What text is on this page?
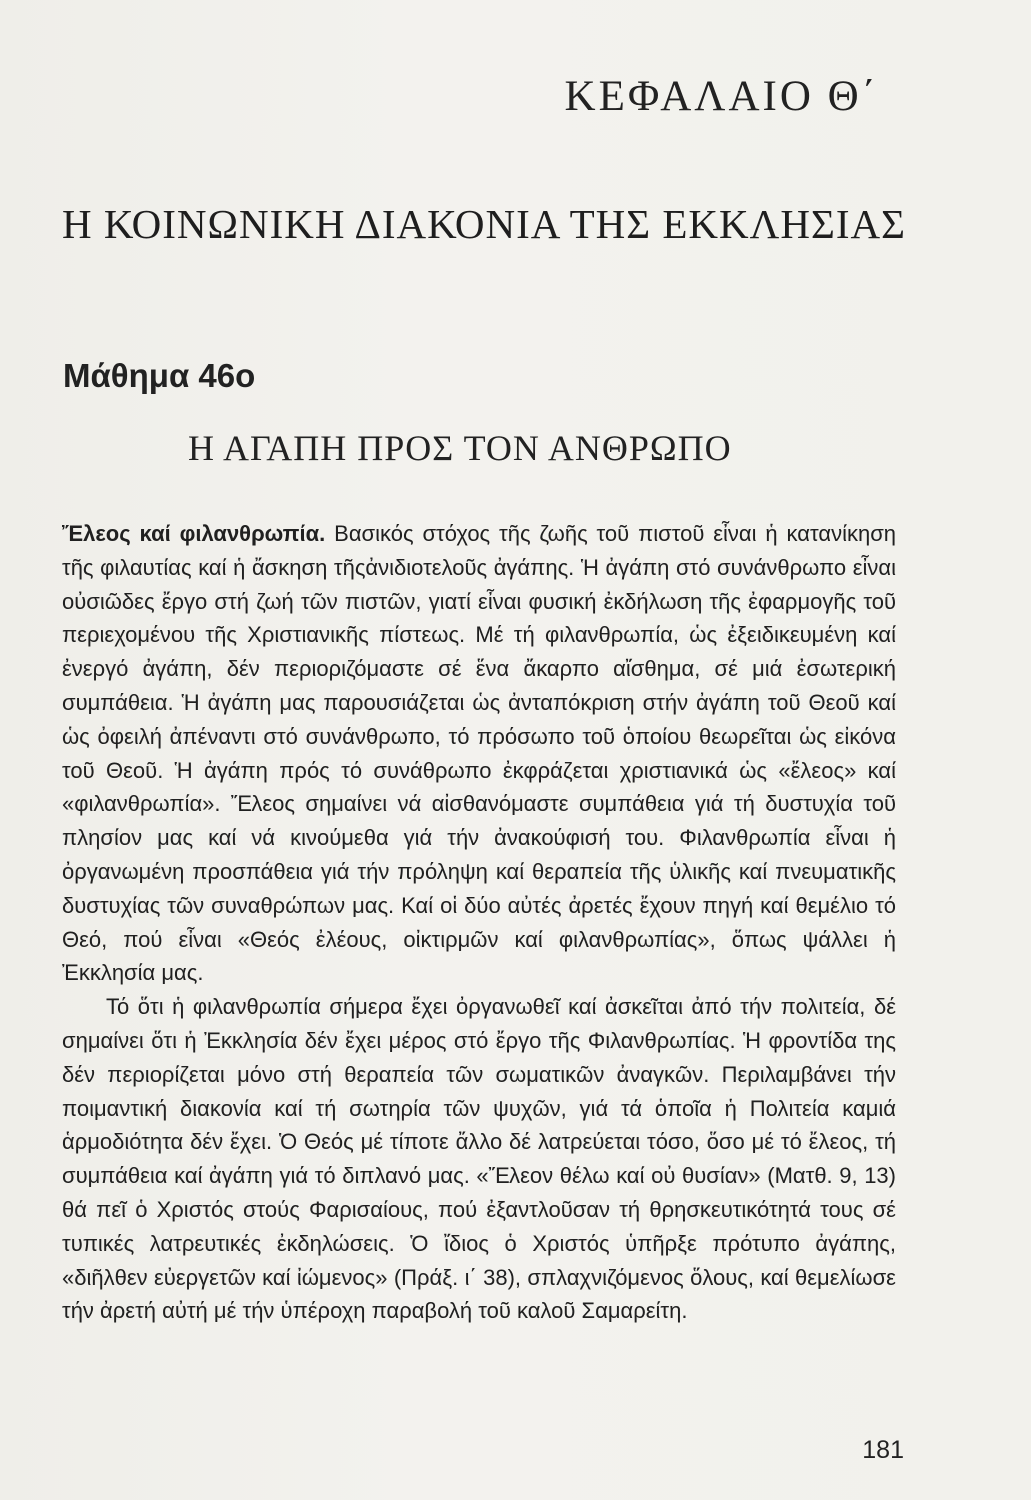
ΚΕΦΑΛΑΙΟ Θ΄
Η ΚΟΙΝΩΝΙΚΗ ΔΙΑΚΟΝΙΑ ΤΗΣ ΕΚΚΛΗΣΙΑΣ
Μάθημα 46ο
Η ΑΓΑΠΗ ΠΡΟΣ ΤΟΝ ΑΝΘΡΩΠΟ

Ἔλεος καί φιλανθρωπία. Βασικός στόχος τῆς ζωῆς τοῦ πιστοῦ εἶναι ἡ κατανίκηση τῆς φιλαυτίας καί ἡ ἄσκηση τῆςἀνιδιοτελοῦς ἀγάπης. Ἡ ἀγάπη στό συνάνθρωπο εἶναι οὐσιῶδες ἔργο στή ζωή τῶν πιστῶν, γιατί εἶναι φυσική ἐκδήλωση τῆς ἐφαρμογῆς τοῦ περιεχομένου τῆς Χριστιανικῆς πίστεως. Μέ τή φιλανθρωπία, ὡς ἐξειδικευμένη καί ἐνεργό ἀγάπη, δέν περιοριζόμαστε σέ ἕνα ἄκαρπο αἴσθημα, σέ μιά ἐσωτερική συμπάθεια. Ἡ ἀγάπη μας παρουσιάζεται ὡς ἀνταπόκριση στήν ἀγάπη τοῦ Θεοῦ καί ὡς ὀφειλή ἀπέναντι στό συνάνθρωπο, τό πρόσωπο τοῦ ὁποίου θεωρεῖται ὡς εἰκόνα τοῦ Θεοῦ. Ἡ ἀγάπη πρός τό συνάθρωπο ἐκφράζεται χριστιανικά ὡς «ἔλεος» καί «φιλανθρωπία». Ἔλεος σημαίνει νά αἰσθανόμαστε συμπάθεια γιά τή δυστυχία τοῦ πλησίον μας καί νά κινούμεθα γιά τήν ἀνακούφισή του. Φιλανθρωπία εἶναι ἡ ὀργανωμένη προσπάθεια γιά τήν πρόληψη καί θεραπεία τῆς ὑλικῆς καί πνευματικῆς δυστυχίας τῶν συναθρώπων μας. Καί οἱ δύο αὐτές ἀρετές ἔχουν πηγή καί θεμέλιο τό Θεό, πού εἶναι «Θεός ἐλέους, οἰκτιρμῶν καί φιλανθρωπίας», ὅπως ψάλλει ἡ Ἐκκλησία μας.

Τό ὅτι ἡ φιλανθρωπία σήμερα ἔχει ὀργανωθεῖ καί ἀσκεῖται ἀπό τήν πολιτεία, δέ σημαίνει ὅτι ἡ Ἐκκλησία δέν ἔχει μέρος στό ἔργο τῆς Φιλανθρωπίας. Ἡ φροντίδα της δέν περιορίζεται μόνο στή θεραπεία τῶν σωματικῶν ἀναγκῶν. Περιλαμβάνει τήν ποιμαντική διακονία καί τή σωτηρία τῶν ψυχῶν, γιά τά ὁποῖα ἡ Πολιτεία καμιά ἁρμοδιότητα δέν ἔχει. Ὁ Θεός μέ τίποτε ἄλλο δέ λατρεύεται τόσο, ὅσο μέ τό ἔλεος, τή συμπάθεια καί ἀγάπη γιά τό διπλανό μας. «Ἔλεον θέλω καί οὐ θυσίαν» (Ματθ. 9, 13) θά πεῖ ὁ Χριστός στούς Φαρισαίους, πού ἐξαντλοῦσαν τή θρησκευτικότητά τους σέ τυπικές λατρευτικές ἐκδηλώσεις. Ὁ ἴδιος ὁ Χριστός ὑπῆρξε πρότυπο ἀγάπης, «διῆλθεν εὐεργετῶν καί ἰώμενος» (Πράξ. ι΄ 38), σπλαχνιζόμενος ὅλους, καί θεμελίωσε τήν ἀρετή αὐτή μέ τήν ὑπέροχη παραβολή τοῦ καλοῦ Σαμαρείτη.

181
